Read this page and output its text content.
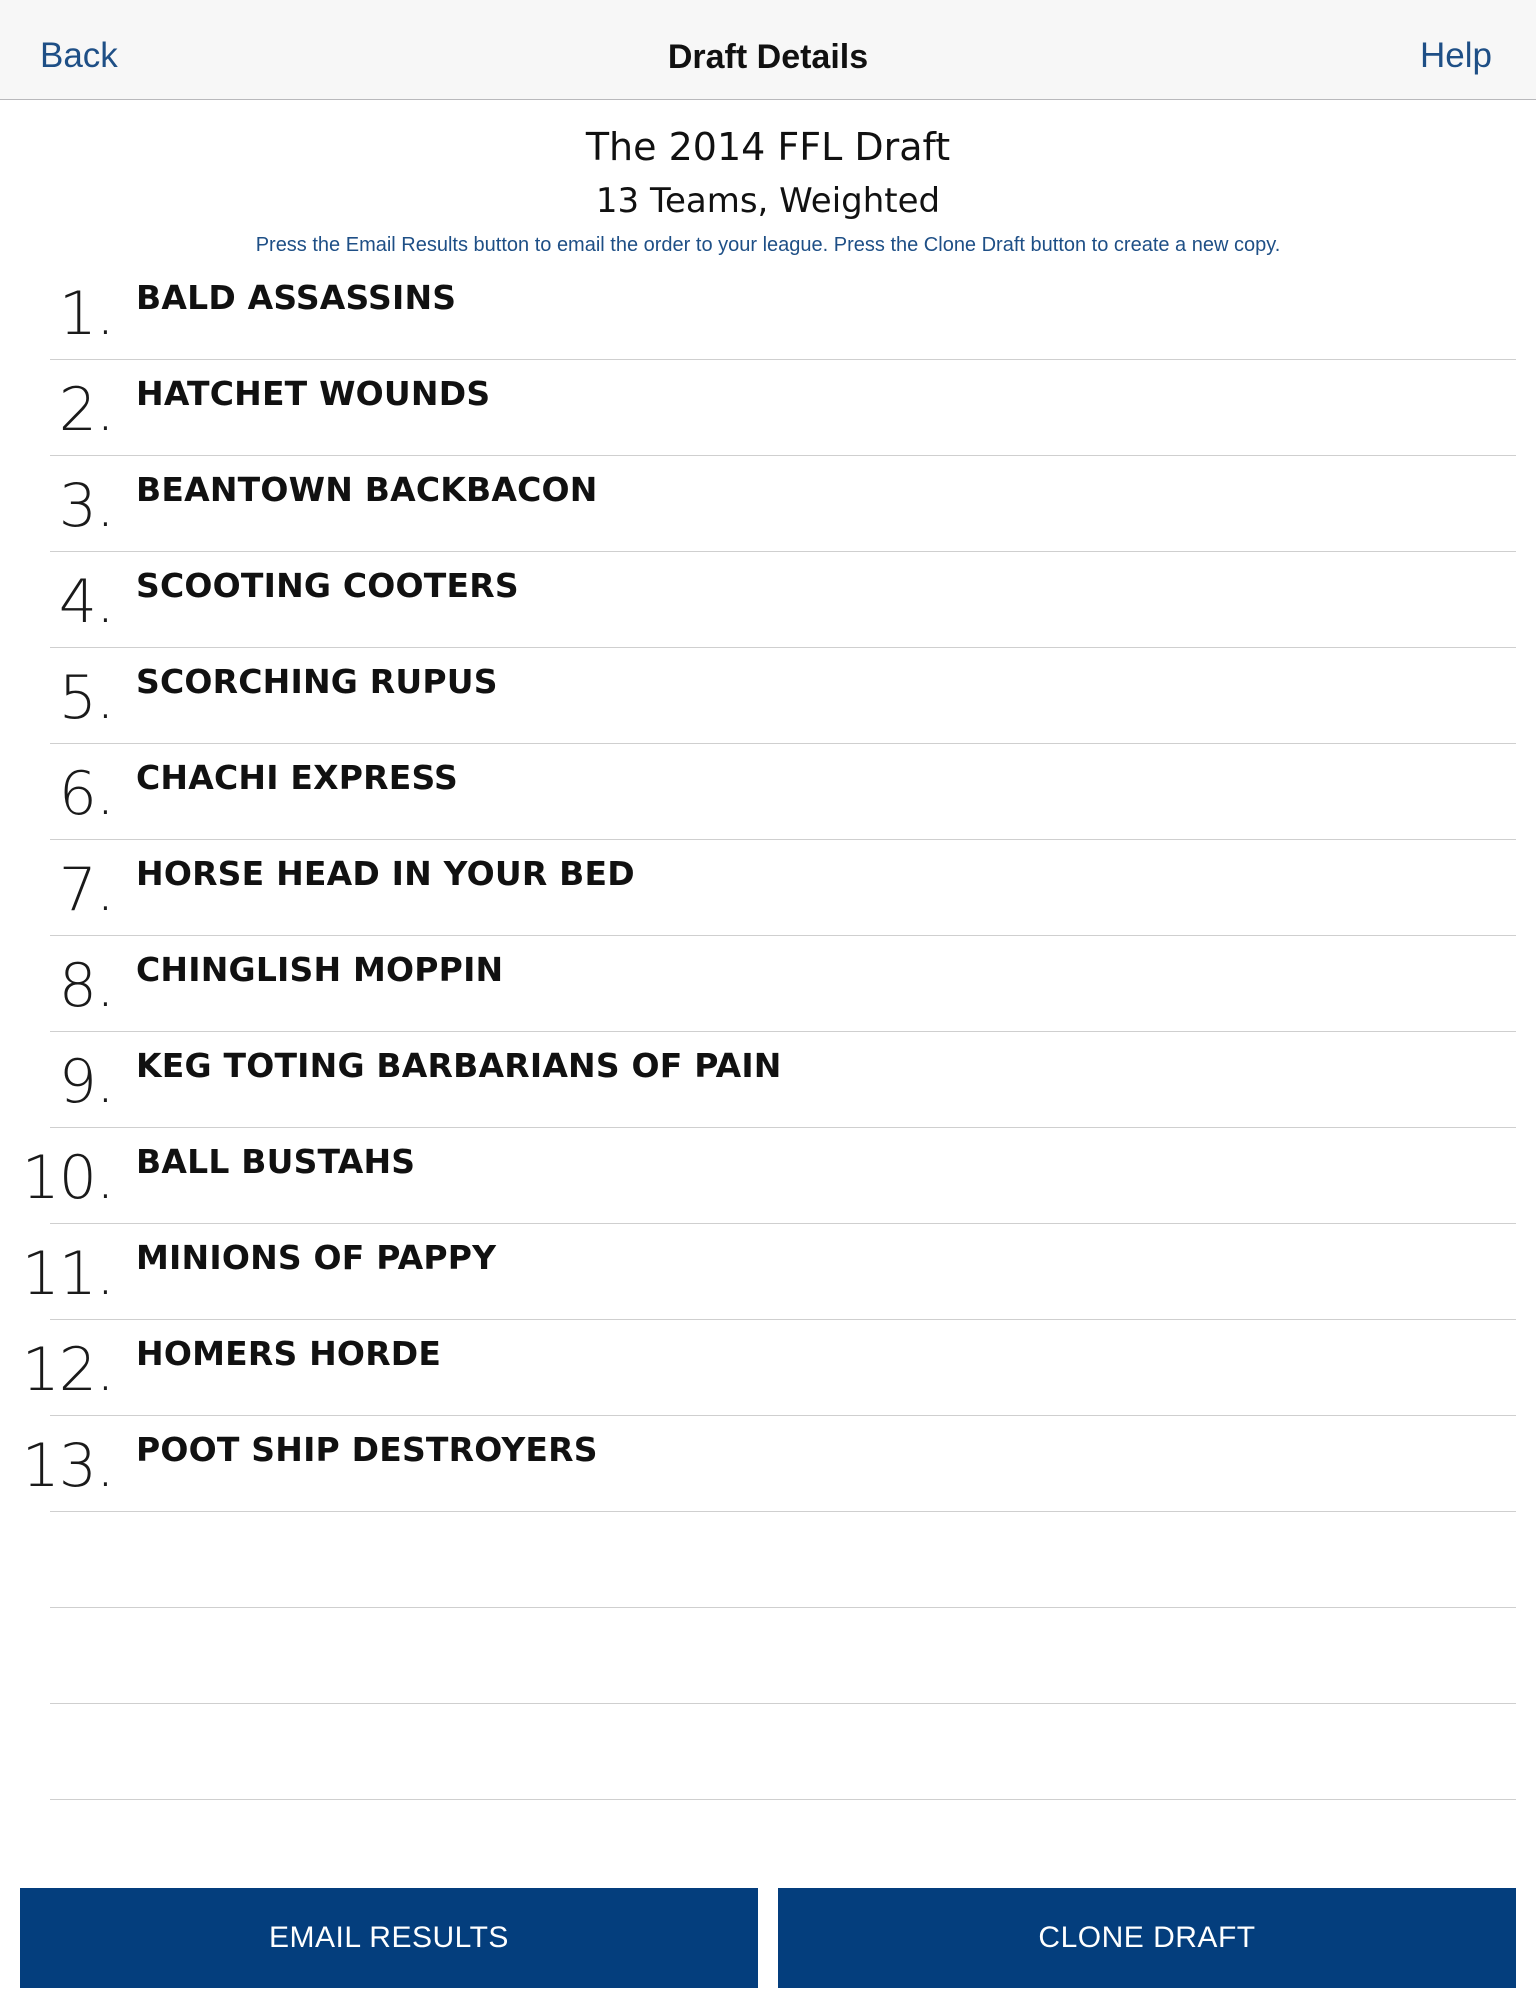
Back	Draft Details	Help
The 2014 FFL Draft
13 Teams, Weighted
Press the Email Results button to email the order to your league. Press the Clone Draft button to create a new copy.
1. BALD ASSASSINS
2. HATCHET WOUNDS
3. BEANTOWN BACKBACON
4. SCOOTING COOTERS
5. SCORCHING RUPUS
6. CHACHI EXPRESS
7. HORSE HEAD IN YOUR BED
8. CHINGLISH MOPPIN
9. KEG TOTING BARBARIANS OF PAIN
10. BALL BUSTAHS
11. MINIONS OF PAPPY
12. HOMERS HORDE
13. POOT SHIP DESTROYERS
EMAIL RESULTS	CLONE DRAFT
